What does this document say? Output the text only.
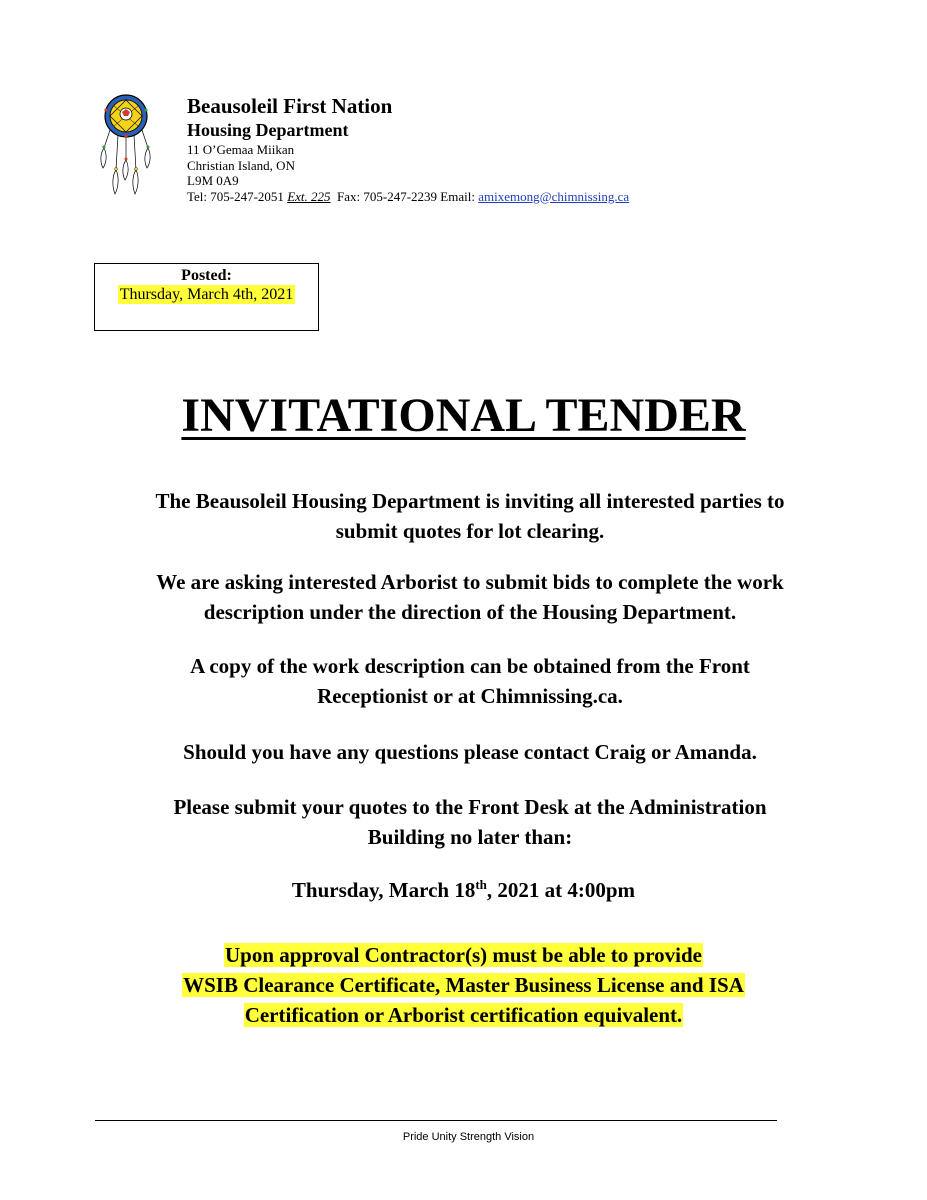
Beausoleil First Nation
Housing Department
11 O’Gemaa Miikan
Christian Island, ON
L9M 0A9
Tel: 705-247-2051 Ext. 225 Fax: 705-247-2239 Email: amixemong@chimnissing.ca
Posted:
Thursday, March 4th, 2021
INVITATIONAL TENDER
The Beausoleil Housing Department is inviting all interested parties to
submit quotes for lot clearing.
We are asking interested Arborist to submit bids to complete the work
description under the direction of the Housing Department.
A copy of the work description can be obtained from the Front
Receptionist or at Chimnissing.ca.
Should you have any questions please contact Craig or Amanda.
Please submit your quotes to the Front Desk at the Administration
Building no later than:
Thursday, March 18th, 2021 at 4:00pm
Upon approval Contractor(s) must be able to provide
WSIB Clearance Certificate, Master Business License and ISA
Certification or Arborist certification equivalent.
Pride Unity Strength Vision
